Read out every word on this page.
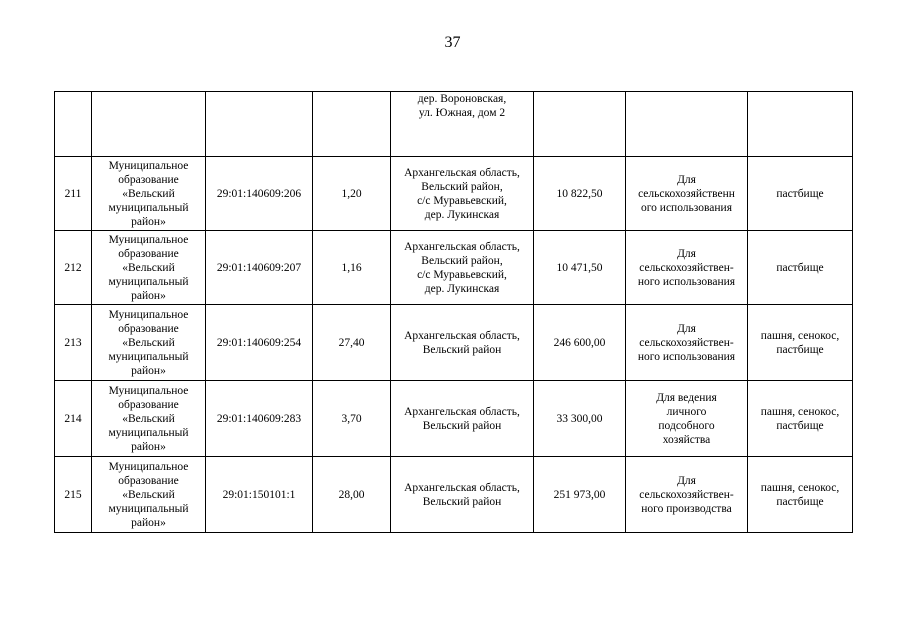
37

				дер. Вороновская,
ул. Южная, дом 2			

211	Муниципальное
образование
«Вельский
муниципальный
район»	29:01:140609:206	1,20	Архангельская область,
Вельский район,
с/с Муравьевский,
дер. Лукинская	10 822,50	Для
сельскохозяйственн
ого использования	пастбище

212	Муниципальное
образование
«Вельский
муниципальный
район»	29:01:140609:207	1,16	Архангельская область,
Вельский район,
с/с Муравьевский,
дер. Лукинская	10 471,50	Для
сельскохозяйствен-
ного использования	пастбище

213	Муниципальное
образование
«Вельский
муниципальный
район»	29:01:140609:254	27,40	Архангельская область,
Вельский район	246 600,00	Для
сельскохозяйствен-
ного использования	пашня, сенокос,
пастбище

214	Муниципальное
образование
«Вельский
муниципальный
район»	29:01:140609:283	3,70	Архангельская область,
Вельский район	33 300,00	Для ведения
личного
подсобного
хозяйства	пашня, сенокос,
пастбище

215	Муниципальное
образование
«Вельский
муниципальный
район»	29:01:150101:1	28,00	Архангельская область,
Вельский район	251 973,00	Для
сельскохозяйствен-
ного производства	пашня, сенокос,
пастбище
